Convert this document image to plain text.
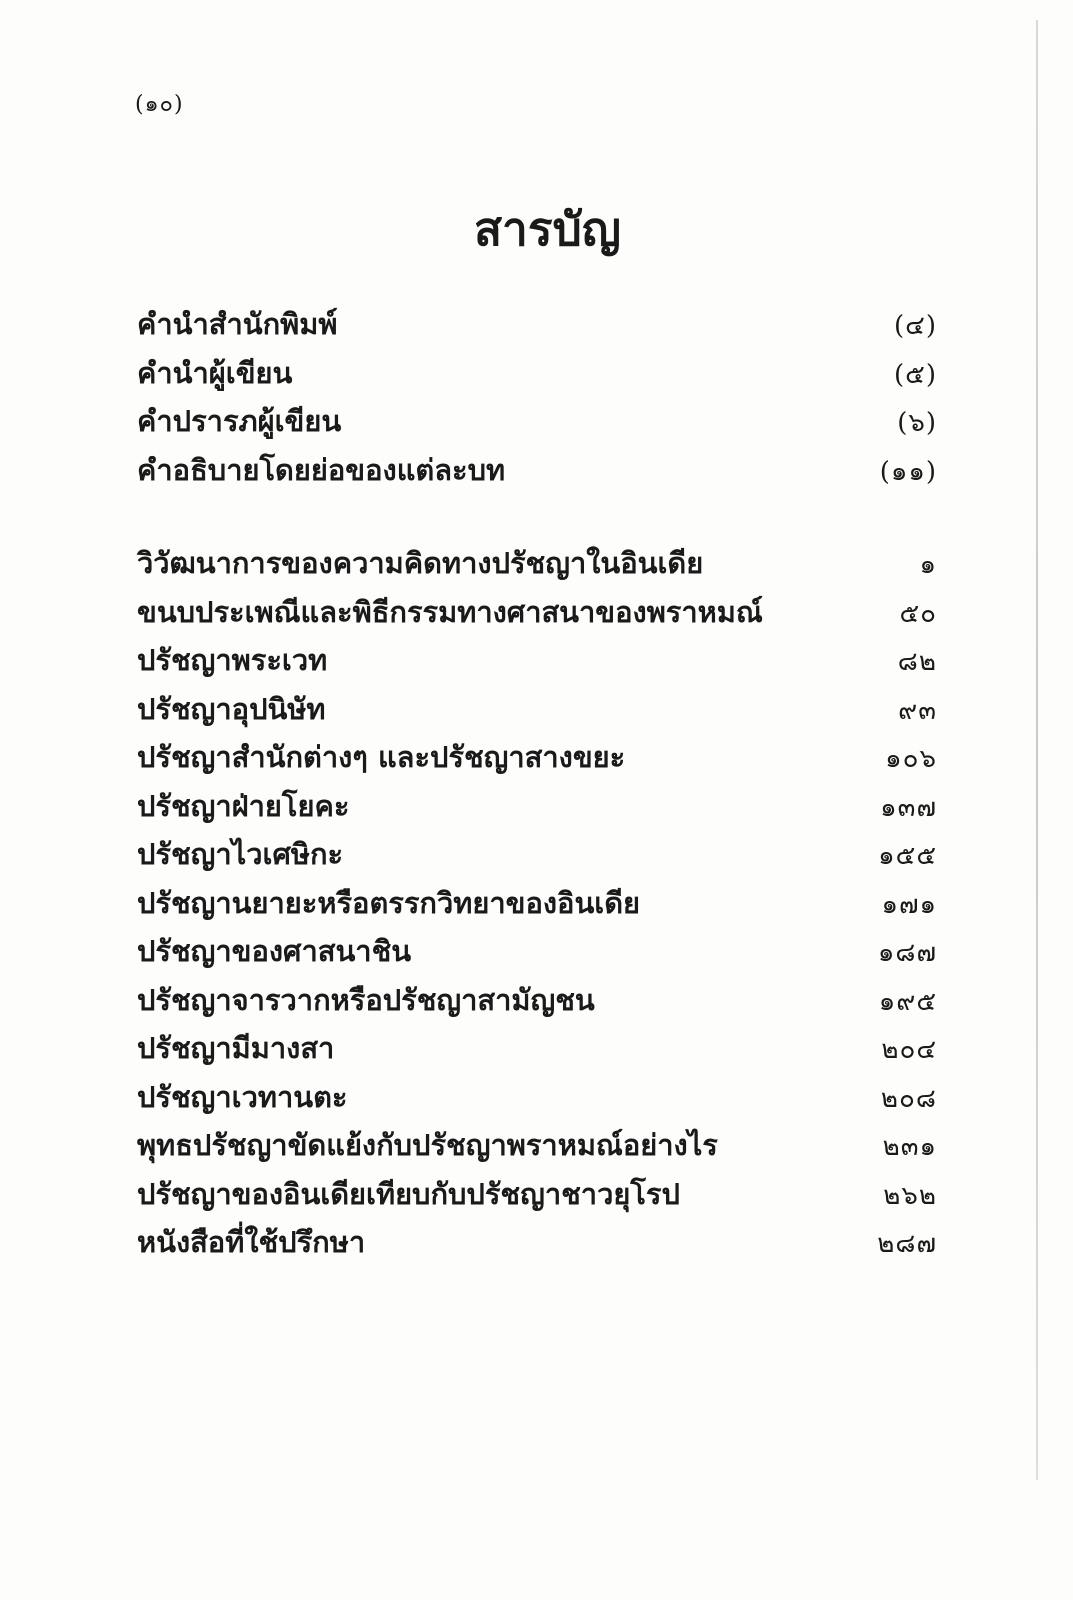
(๑๐)
สารบัญ
คำนำสำนักพิมพ์	(๔)
คำนำผู้เขียน	(๕)
คำปรารภผู้เขียน	(๖)
คำอธิบายโดยย่อของแต่ละบท	(๑๑)
วิวัฒนาการของความคิดทางปรัชญาในอินเดีย	๑
ขนบประเพณีและพิธีกรรมทางศาสนาของพราหมณ์	๕๐
ปรัชญาพระเวท	๘๒
ปรัชญาอุปนิษัท	๙๓
ปรัชญาสำนักต่างๆ และปรัชญาสางขยะ	๑๐๖
ปรัชญาฝ่ายโยคะ	๑๓๗
ปรัชญาไวเศษิกะ	๑๕๕
ปรัชญานยายะหรือตรรกวิทยาของอินเดีย	๑๗๑
ปรัชญาของศาสนาชิน	๑๘๗
ปรัชญาจารวากหรือปรัชญาสามัญชน	๑๙๕
ปรัชญามีมางสา	๒๐๔
ปรัชญาเวทานตะ	๒๐๘
พุทธปรัชญาขัดแย้งกับปรัชญาพราหมณ์อย่างไร	๒๓๑
ปรัชญาของอินเดียเทียบกับปรัชญาชาวยุโรป	๒๖๒
หนังสือที่ใช้ปรึกษา	๒๘๗
